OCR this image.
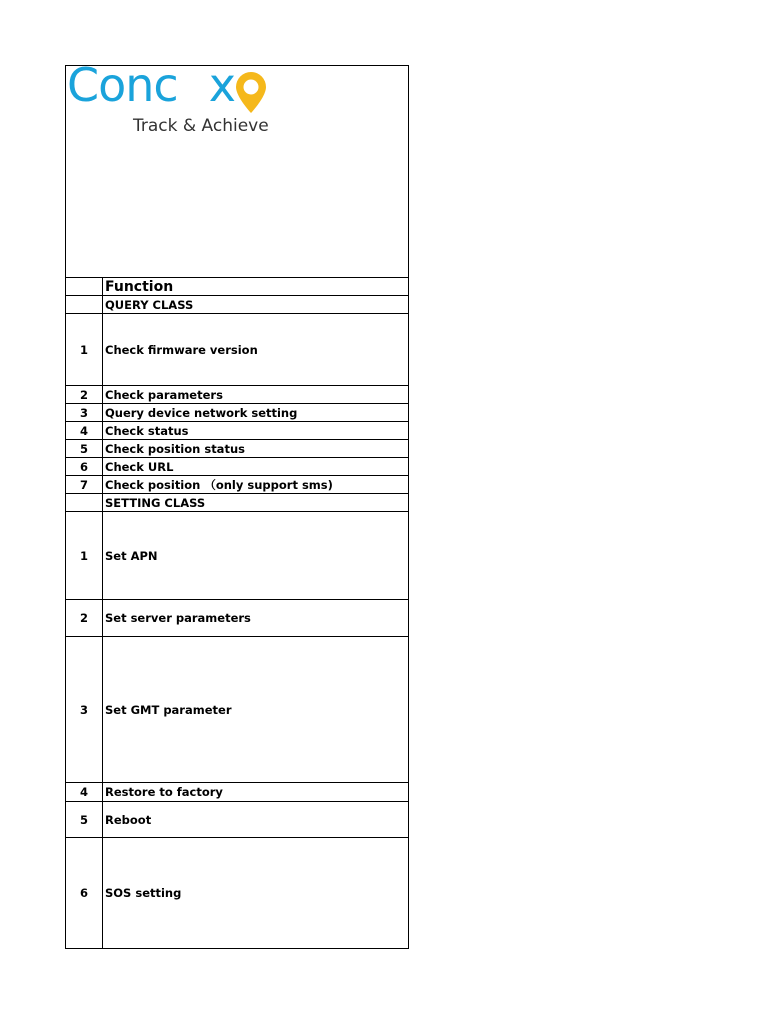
Conc x
Track & Achieve	

	Function
	QUERY CLASS
1	Check firmware version
2	Check parameters
3	Query device network setting
4	Check status
5	Check position status
6	Check URL
7	Check position （only support sms)
	SETTING CLASS
1	Set APN
2	Set server parameters
3	Set GMT parameter
4	Restore to factory
5	Reboot
6	SOS setting
